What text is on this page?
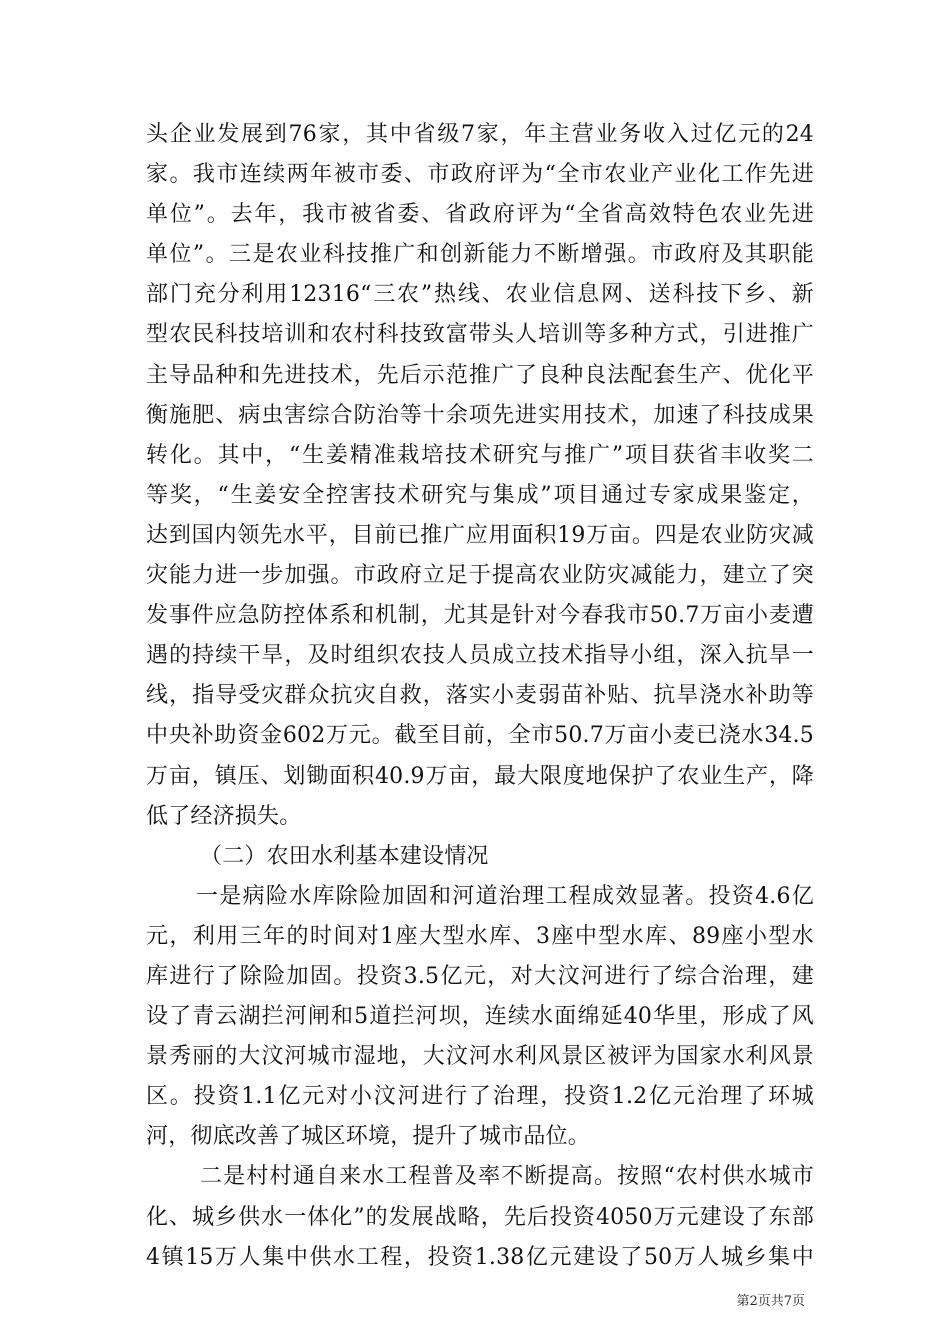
头企业发展到76家，其中省级7家，年主营业务收入过亿元的24
家。我市连续两年被市委、市政府评为“全市农业产业化工作先进
单位”。去年，我市被省委、省政府评为“全省高效特色农业先进
单位”。三是农业科技推广和创新能力不断增强。市政府及其职能
部门充分利用12316“三农”热线、农业信息网、送科技下乡、新
型农民科技培训和农村科技致富带头人培训等多种方式，引进推广
主导品种和先进技术，先后示范推广了良种良法配套生产、优化平
衡施肥、病虫害综合防治等十余项先进实用技术，加速了科技成果
转化。其中，“生姜精准栽培技术研究与推广”项目获省丰收奖二
等奖，“生姜安全控害技术研究与集成”项目通过专家成果鉴定，
达到国内领先水平，目前已推广应用面积19万亩。四是农业防灾减
灾能力进一步加强。市政府立足于提高农业防灾减能力，建立了突
发事件应急防控体系和机制，尤其是针对今春我市50.7万亩小麦遭
遇的持续干旱，及时组织农技人员成立技术指导小组，深入抗旱一
线，指导受灾群众抗灾自救，落实小麦弱苗补贴、抗旱浇水补助等
中央补助资金602万元。截至目前，全市50.7万亩小麦已浇水34.5
万亩，镇压、划锄面积40.9万亩，最大限度地保护了农业生产，降
低了经济损失。
（二）农田水利基本建设情况
一是病险水库除险加固和河道治理工程成效显著。投资4.6亿
元，利用三年的时间对1座大型水库、3座中型水库、89座小型水
库进行了除险加固。投资3.5亿元，对大汶河进行了综合治理，建
设了青云湖拦河闸和5道拦河坝，连续水面绵延40华里，形成了风
景秀丽的大汶河城市湿地，大汶河水利风景区被评为国家水利风景
区。投资1.1亿元对小汶河进行了治理，投资1.2亿元治理了环城
河，彻底改善了城区环境，提升了城市品位。
二是村村通自来水工程普及率不断提高。按照“农村供水城市
化、城乡供水一体化”的发展战略，先后投资4050万元建设了东部
4镇15万人集中供水工程，投资1.38亿元建设了50万人城乡集中
第2页共7页
